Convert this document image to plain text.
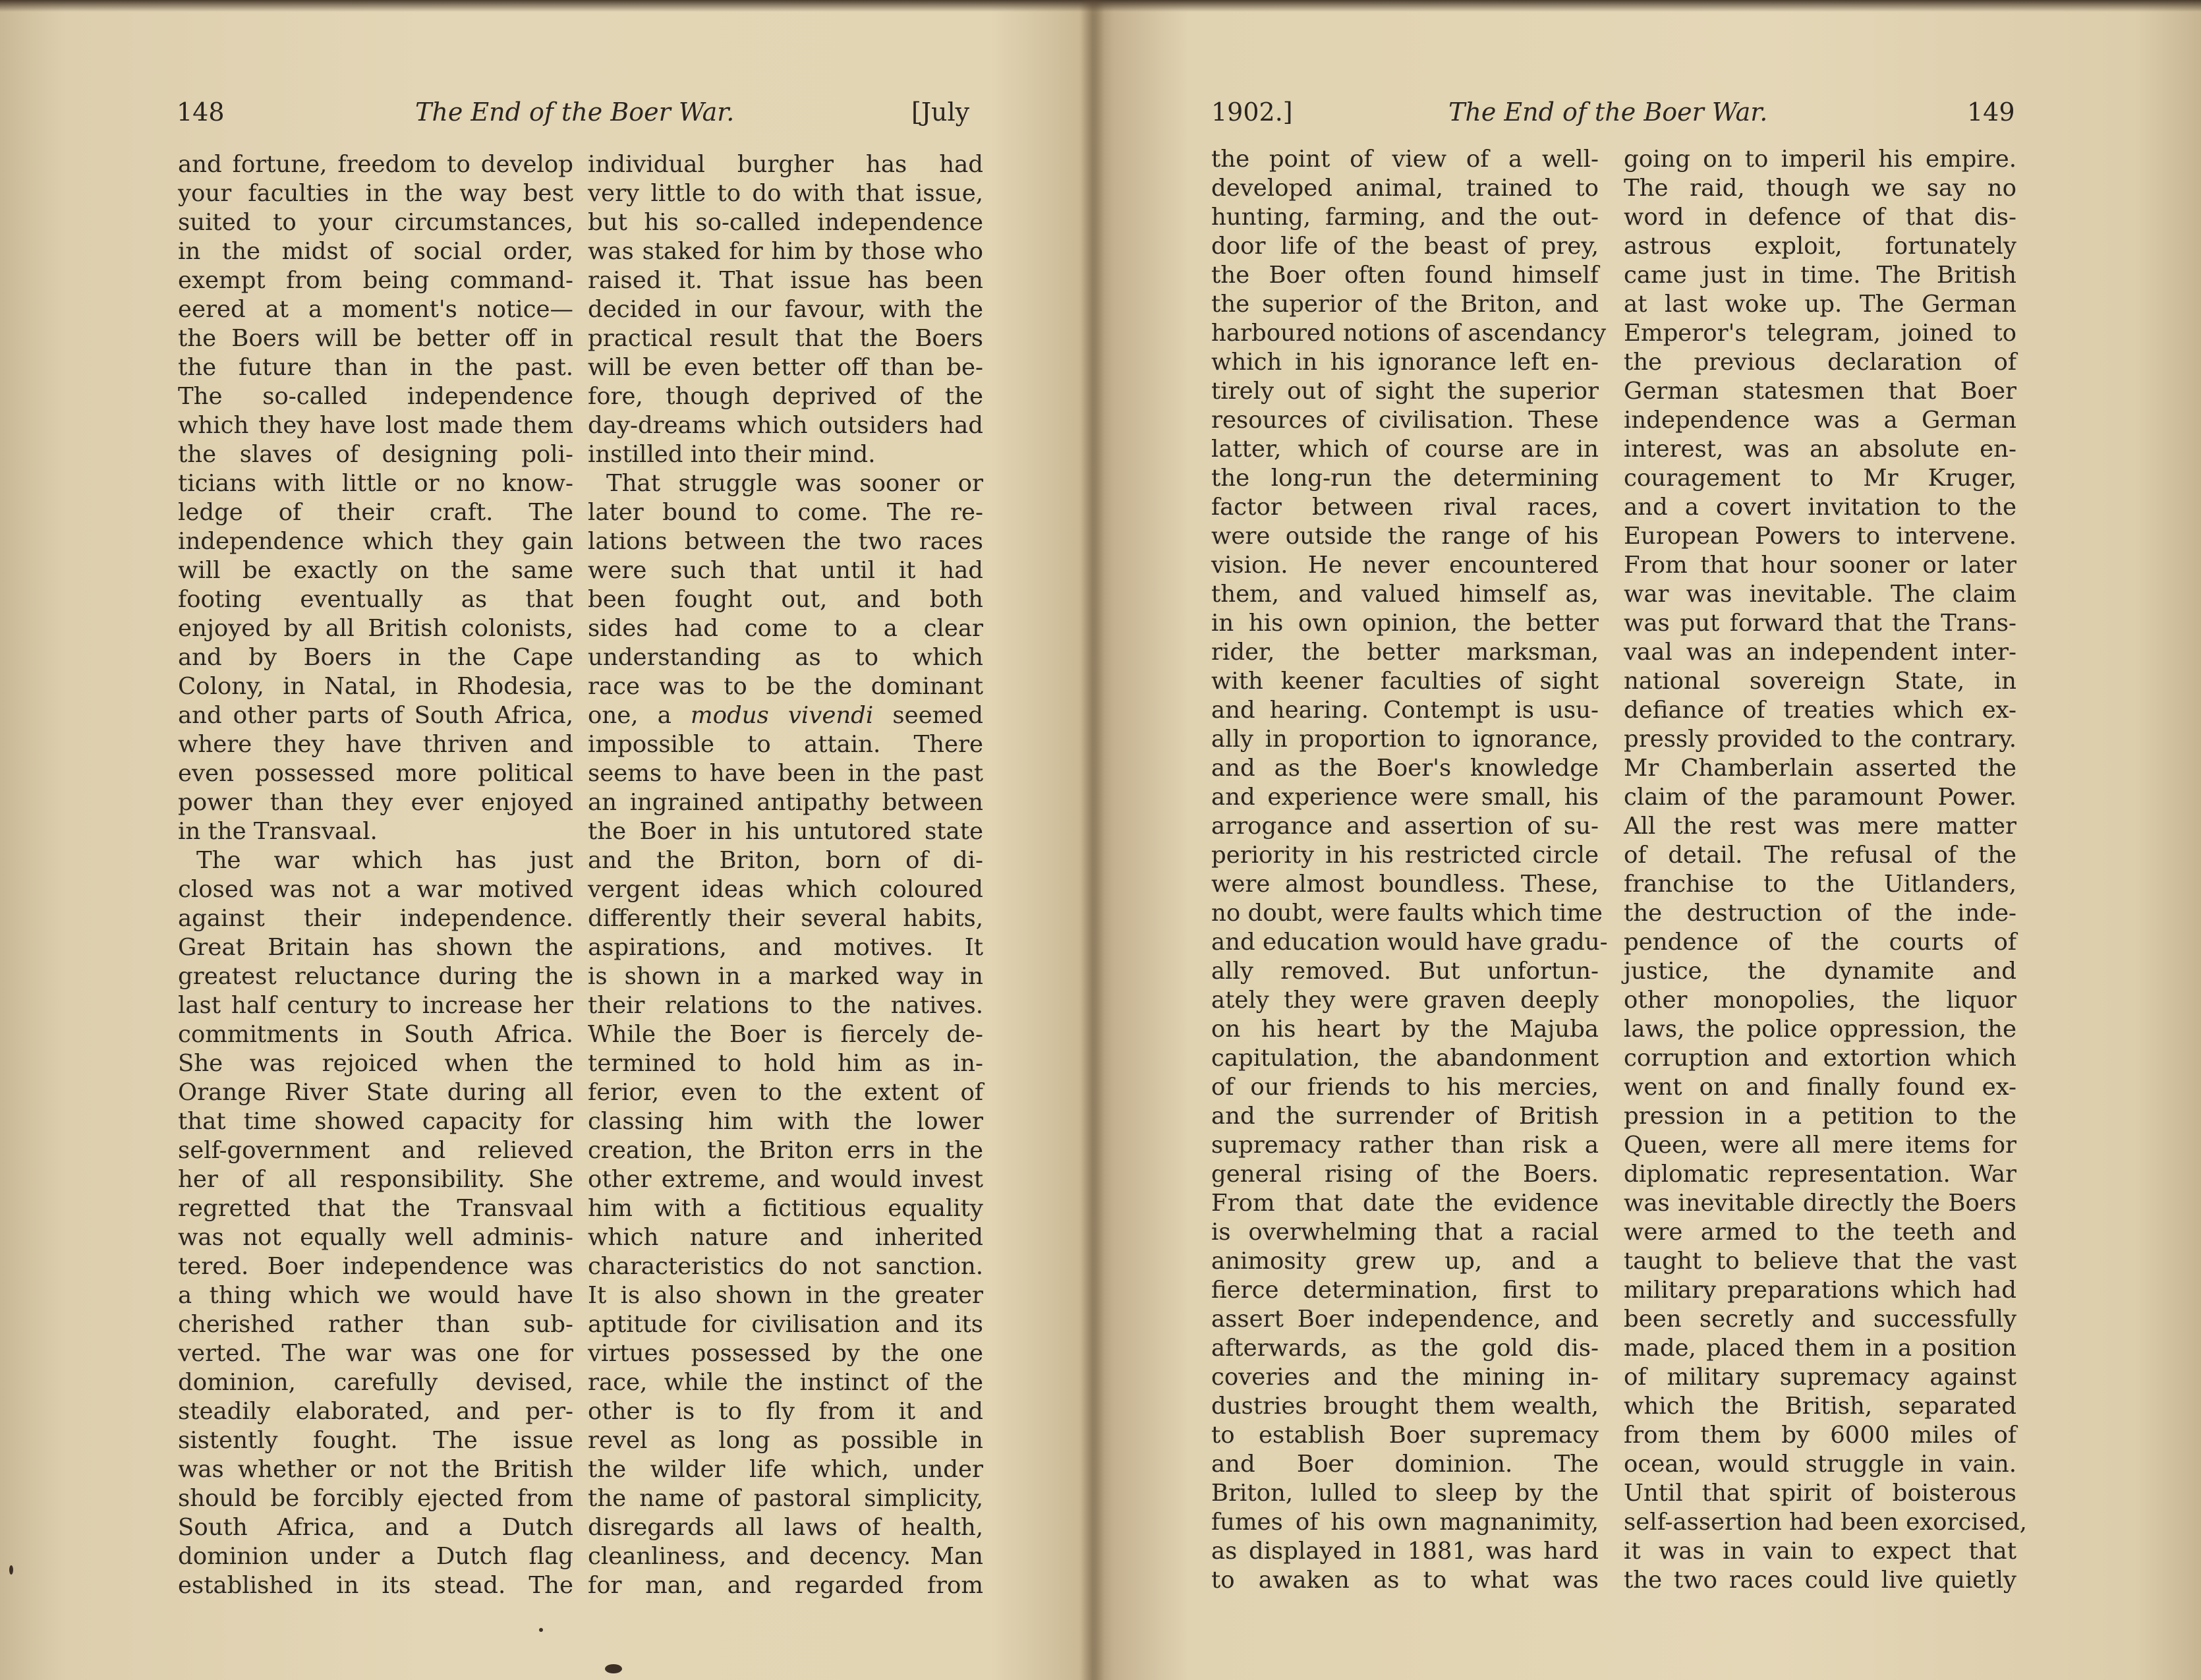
148	The End of the Boer War.	[July	1902.]	The End of the Boer War.	149
and fortune, freedom to develop
your faculties in the way best
suited to your circumstances,
in the midst of social order,
exempt from being command-
eered at a moment's notice—
the Boers will be better off in
the future than in the past.
The so-called independence
which they have lost made them
the slaves of designing poli-
ticians with little or no know-
ledge of their craft. The
independence which they gain
will be exactly on the same
footing eventually as that
enjoyed by all British colonists,
and by Boers in the Cape
Colony, in Natal, in Rhodesia,
and other parts of South Africa,
where they have thriven and
even possessed more political
power than they ever enjoyed
in the Transvaal.
The war which has just
closed was not a war motived
against their independence.
Great Britain has shown the
greatest reluctance during the
last half century to increase her
commitments in South Africa.
She was rejoiced when the
Orange River State during all
that time showed capacity for
self-government and relieved
her of all responsibility. She
regretted that the Transvaal
was not equally well adminis-
tered. Boer independence was
a thing which we would have
cherished rather than sub-
verted. The war was one for
dominion, carefully devised,
steadily elaborated, and per-
sistently fought. The issue
was whether or not the British
should be forcibly ejected from
South Africa, and a Dutch
dominion under a Dutch flag
established in its stead. The
individual burgher has had
very little to do with that issue,
but his so-called independence
was staked for him by those who
raised it. That issue has been
decided in our favour, with the
practical result that the Boers
will be even better off than be-
fore, though deprived of the
day-dreams which outsiders had
instilled into their mind.
That struggle was sooner or
later bound to come. The re-
lations between the two races
were such that until it had
been fought out, and both
sides had come to a clear
understanding as to which
race was to be the dominant
one, a modus vivendi seemed
impossible to attain. There
seems to have been in the past
an ingrained antipathy between
the Boer in his untutored state
and the Briton, born of di-
vergent ideas which coloured
differently their several habits,
aspirations, and motives. It
is shown in a marked way in
their relations to the natives.
While the Boer is fiercely de-
termined to hold him as in-
ferior, even to the extent of
classing him with the lower
creation, the Briton errs in the
other extreme, and would invest
him with a fictitious equality
which nature and inherited
characteristics do not sanction.
It is also shown in the greater
aptitude for civilisation and its
virtues possessed by the one
race, while the instinct of the
other is to fly from it and
revel as long as possible in
the wilder life which, under
the name of pastoral simplicity,
disregards all laws of health,
cleanliness, and decency. Man
for man, and regarded from
the point of view of a well-
developed animal, trained to
hunting, farming, and the out-
door life of the beast of prey,
the Boer often found himself
the superior of the Briton, and
harboured notions of ascendancy
which in his ignorance left en-
tirely out of sight the superior
resources of civilisation. These
latter, which of course are in
the long-run the determining
factor between rival races,
were outside the range of his
vision. He never encountered
them, and valued himself as,
in his own opinion, the better
rider, the better marksman,
with keener faculties of sight
and hearing. Contempt is usu-
ally in proportion to ignorance,
and as the Boer's knowledge
and experience were small, his
arrogance and assertion of su-
periority in his restricted circle
were almost boundless. These,
no doubt, were faults which time
and education would have gradu-
ally removed. But unfortun-
ately they were graven deeply
on his heart by the Majuba
capitulation, the abandonment
of our friends to his mercies,
and the surrender of British
supremacy rather than risk a
general rising of the Boers.
From that date the evidence
is overwhelming that a racial
animosity grew up, and a
fierce determination, first to
assert Boer independence, and
afterwards, as the gold dis-
coveries and the mining in-
dustries brought them wealth,
to establish Boer supremacy
and Boer dominion. The
Briton, lulled to sleep by the
fumes of his own magnanimity,
as displayed in 1881, was hard
to awaken as to what was
going on to imperil his empire.
The raid, though we say no
word in defence of that dis-
astrous exploit, fortunately
came just in time. The British
at last woke up. The German
Emperor's telegram, joined to
the previous declaration of
German statesmen that Boer
independence was a German
interest, was an absolute en-
couragement to Mr Kruger,
and a covert invitation to the
European Powers to intervene.
From that hour sooner or later
war was inevitable. The claim
was put forward that the Trans-
vaal was an independent inter-
national sovereign State, in
defiance of treaties which ex-
pressly provided to the contrary.
Mr Chamberlain asserted the
claim of the paramount Power.
All the rest was mere matter
of detail. The refusal of the
franchise to the Uitlanders,
the destruction of the inde-
pendence of the courts of
justice, the dynamite and
other monopolies, the liquor
laws, the police oppression, the
corruption and extortion which
went on and finally found ex-
pression in a petition to the
Queen, were all mere items for
diplomatic representation. War
was inevitable directly the Boers
were armed to the teeth and
taught to believe that the vast
military preparations which had
been secretly and successfully
made, placed them in a position
of military supremacy against
which the British, separated
from them by 6000 miles of
ocean, would struggle in vain.
Until that spirit of boisterous
self-assertion had been exorcised,
it was in vain to expect that
the two races could live quietly
